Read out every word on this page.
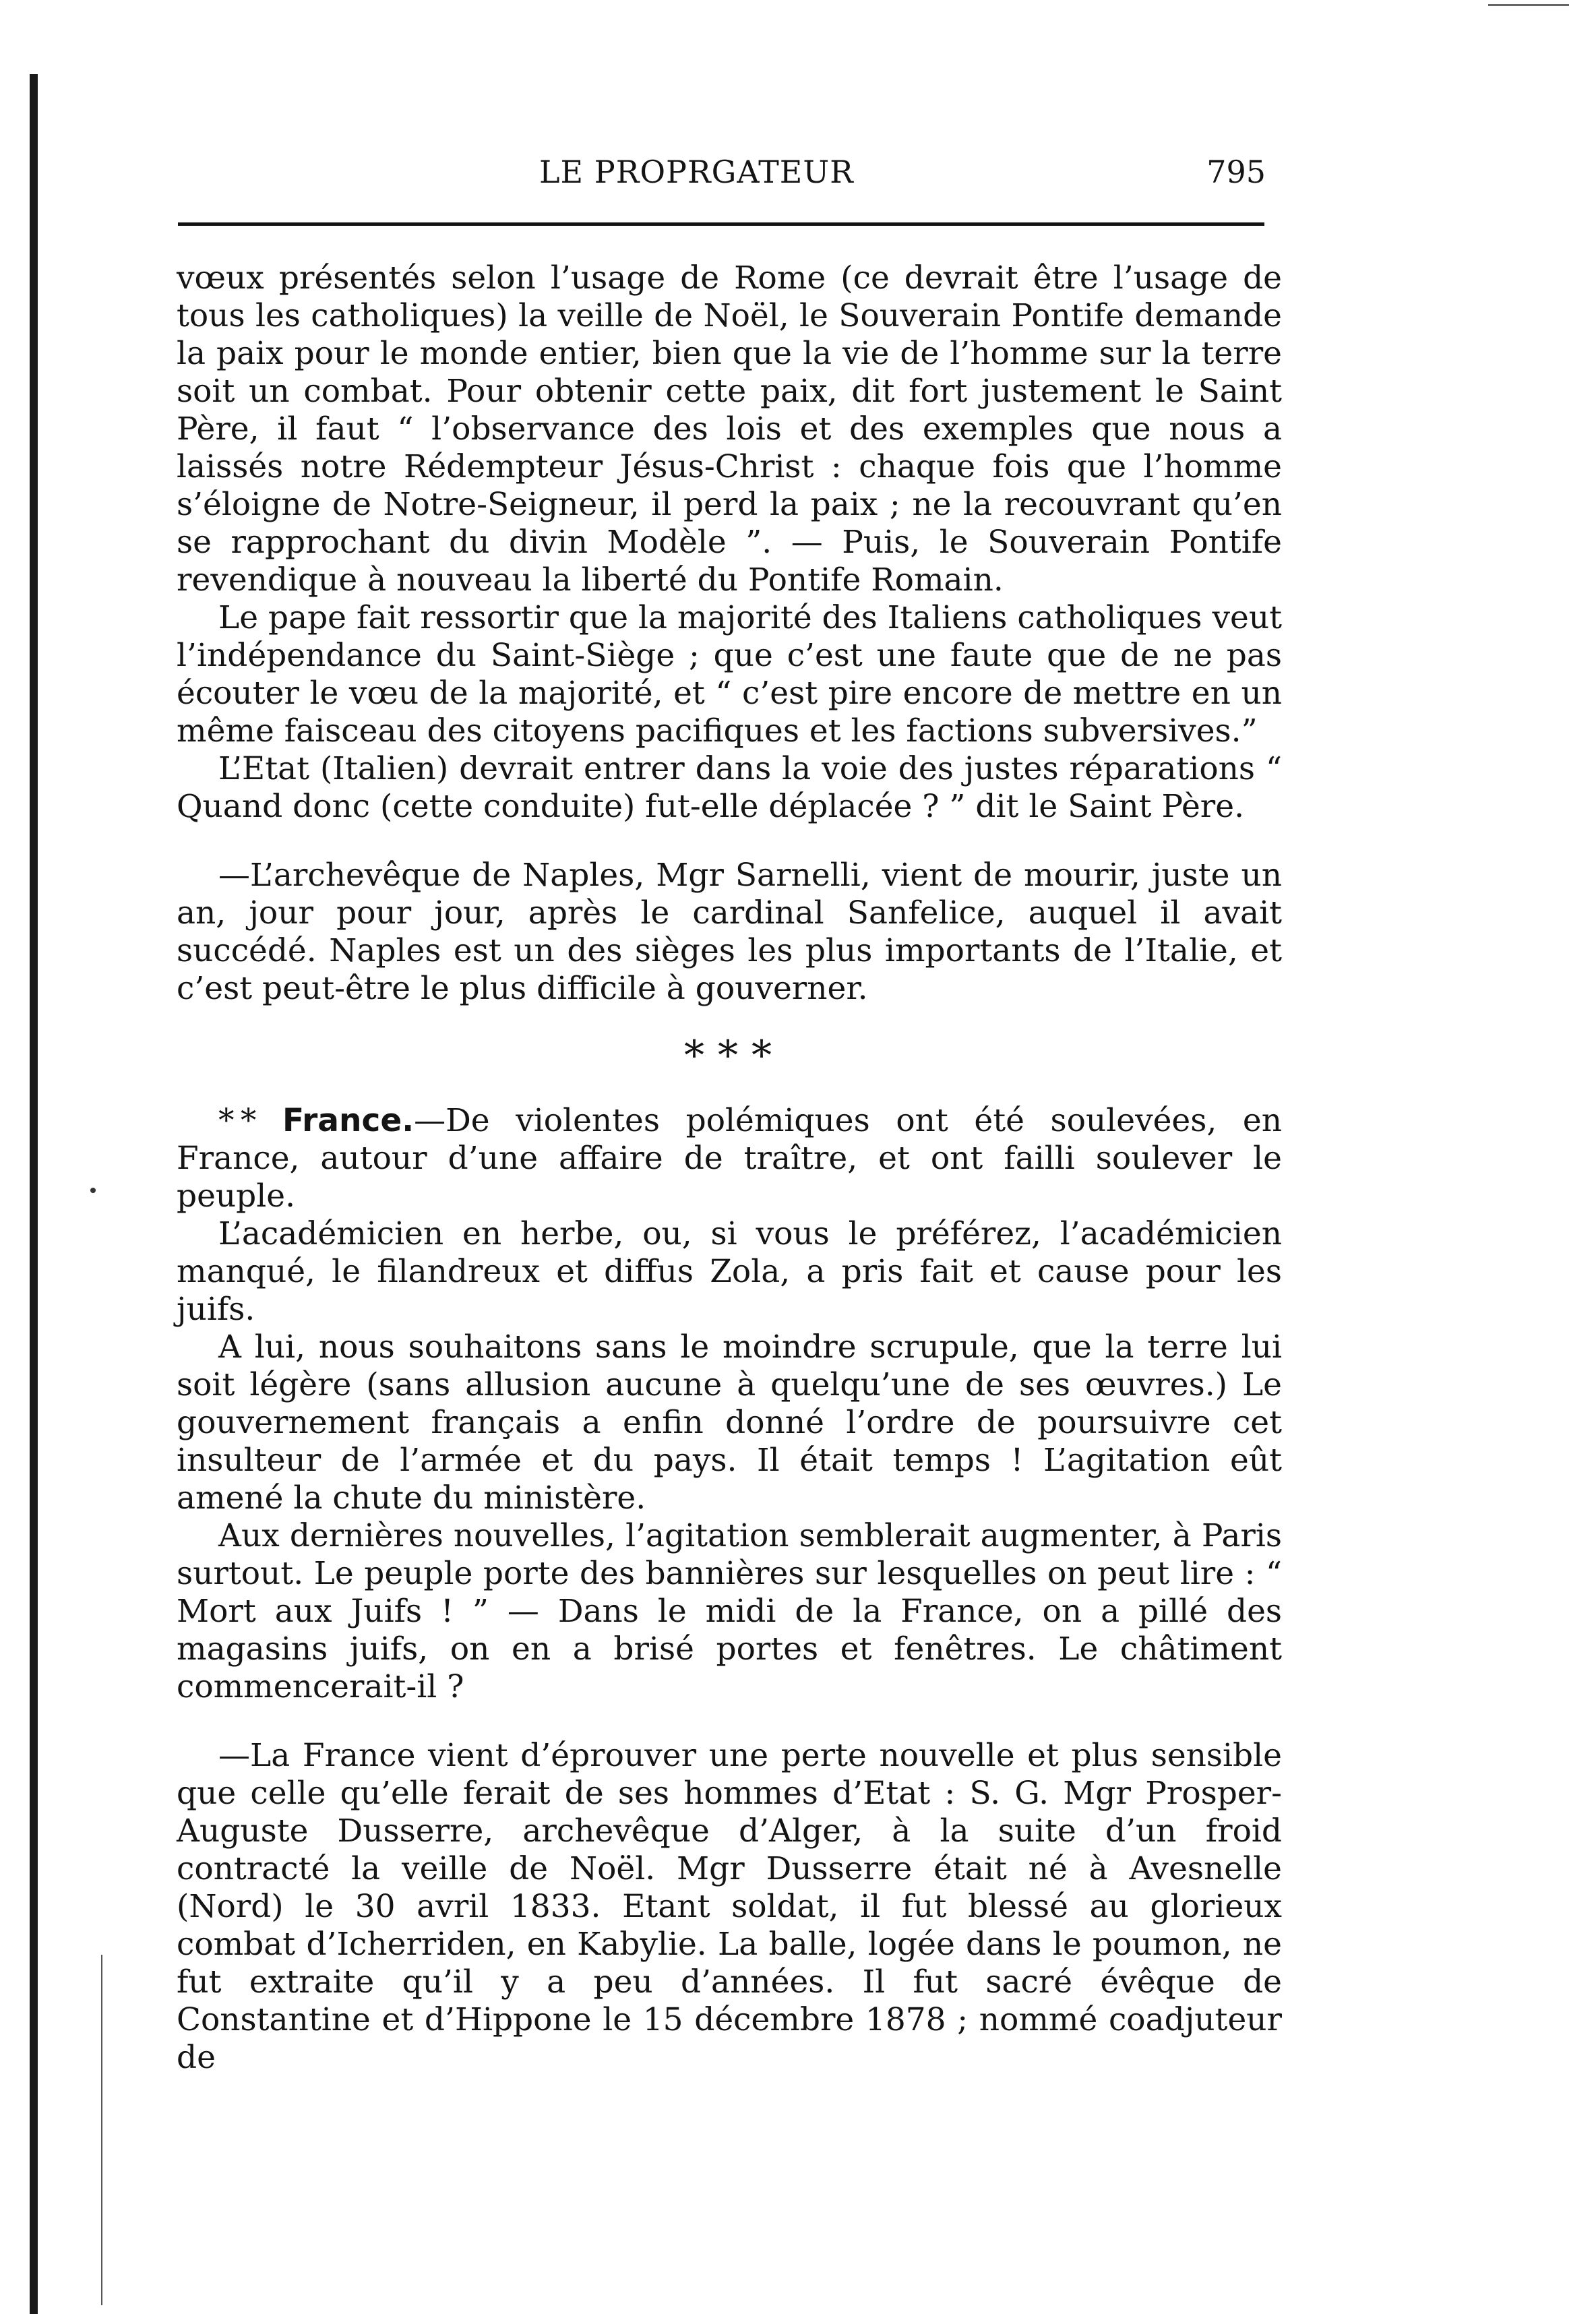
LE PROPRGATEUR	795

vœux présentés selon l’usage de Rome (ce devrait être l’usage de tous les catholiques) la veille de Noël, le Souverain Pontife demande la paix pour le monde entier, bien que la vie de l’homme sur la terre soit un combat. Pour obtenir cette paix, dit fort justement le Saint Père, il faut “ l’observance des lois et des exemples que nous a laissés notre Rédempteur Jésus-Christ : chaque fois que l’homme s’éloigne de Notre-Seigneur, il perd la paix ; ne la recouvrant qu’en se rapprochant du divin Modèle ”. — Puis, le Souverain Pontife revendique à nouveau la liberté du Pontife Romain.

Le pape fait ressortir que la majorité des Italiens catholiques veut l’indépendance du Saint-Siège ; que c’est une faute que de ne pas écouter le vœu de la majorité, et “ c’est pire encore de mettre en un même faisceau des citoyens pacifiques et les factions subversives.”

L’Etat (Italien) devrait entrer dans la voie des justes réparations “ Quand donc (cette conduite) fut-elle déplacée ? ” dit le Saint Père.

—L’archevêque de Naples, Mgr Sarnelli, vient de mourir, juste un an, jour pour jour, après le cardinal Sanfelice, auquel il avait succédé. Naples est un des sièges les plus importants de l’Italie, et c’est peut-être le plus difficile à gouverner.

* * *

* * France.—De violentes polémiques ont été soulevées, en France, autour d’une affaire de traître, et ont failli soulever le peuple.

L’académicien en herbe, ou, si vous le préférez, l’académicien manqué, le filandreux et diffus Zola, a pris fait et cause pour les juifs.

A lui, nous souhaitons sans le moindre scrupule, que la terre lui soit légère (sans allusion aucune à quelqu’une de ses œuvres.) Le gouvernement français a enfin donné l’ordre de poursuivre cet insulteur de l’armée et du pays. Il était temps ! L’agitation eût amené la chute du ministère.

Aux dernières nouvelles, l’agitation semblerait augmenter, à Paris surtout. Le peuple porte des bannières sur lesquelles on peut lire : “ Mort aux Juifs ! ” — Dans le midi de la France, on a pillé des magasins juifs, on en a brisé portes et fenêtres. Le châtiment commencerait-il ?

—La France vient d’éprouver une perte nouvelle et plus sensible que celle qu’elle ferait de ses hommes d’Etat : S. G. Mgr Prosper-Auguste Dusserre, archevêque d’Alger, à la suite d’un froid contracté la veille de Noël. Mgr Dusserre était né à Avesnelle (Nord) le 30 avril 1833. Etant soldat, il fut blessé au glorieux combat d’Icherriden, en Kabylie. La balle, logée dans le poumon, ne fut extraite qu’il y a peu d’années. Il fut sacré évêque de Constantine et d’Hippone le 15 décembre 1878 ; nommé coadjuteur de
